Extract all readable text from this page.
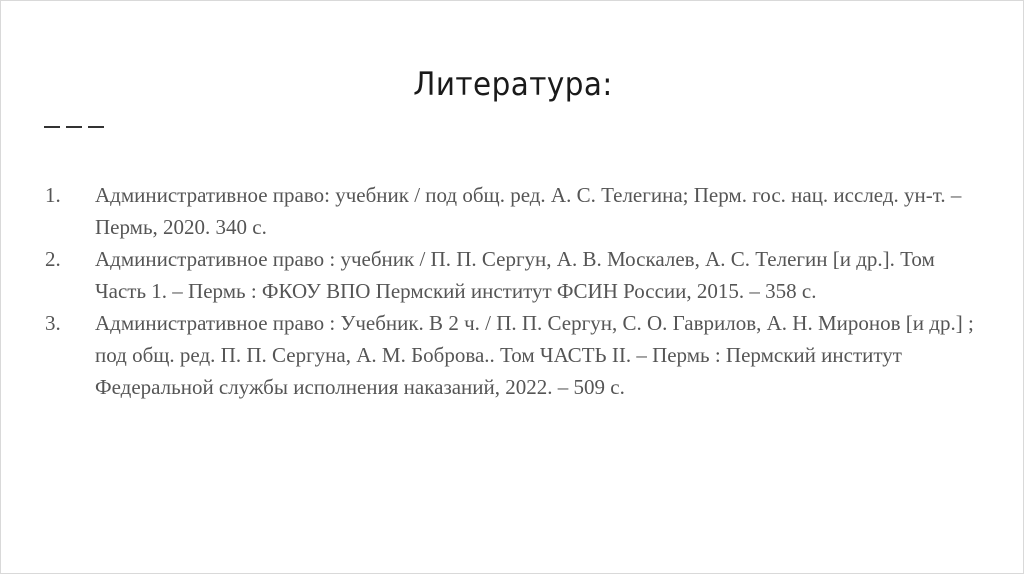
Литература:
1.	Административное право: учебник / под общ. ред. А. С. Телегина; Перм. гос. нац. исслед. ун-т. – Пермь, 2020. 340 с.
2.	Административное право : учебник / П. П. Сергун, А. В. Москалев, А. С. Телегин [и др.]. Том Часть 1. – Пермь : ФКОУ ВПО Пермский институт ФСИН России, 2015. – 358 с.
3.	Административное право : Учебник. В 2 ч. / П. П. Сергун, С. О. Гаврилов, А. Н. Миронов [и др.] ; под общ. ред. П. П. Сергуна, А. М. Боброва.. Том ЧАСТЬ II. – Пермь : Пермский институт Федеральной службы исполнения наказаний, 2022. – 509 с.
